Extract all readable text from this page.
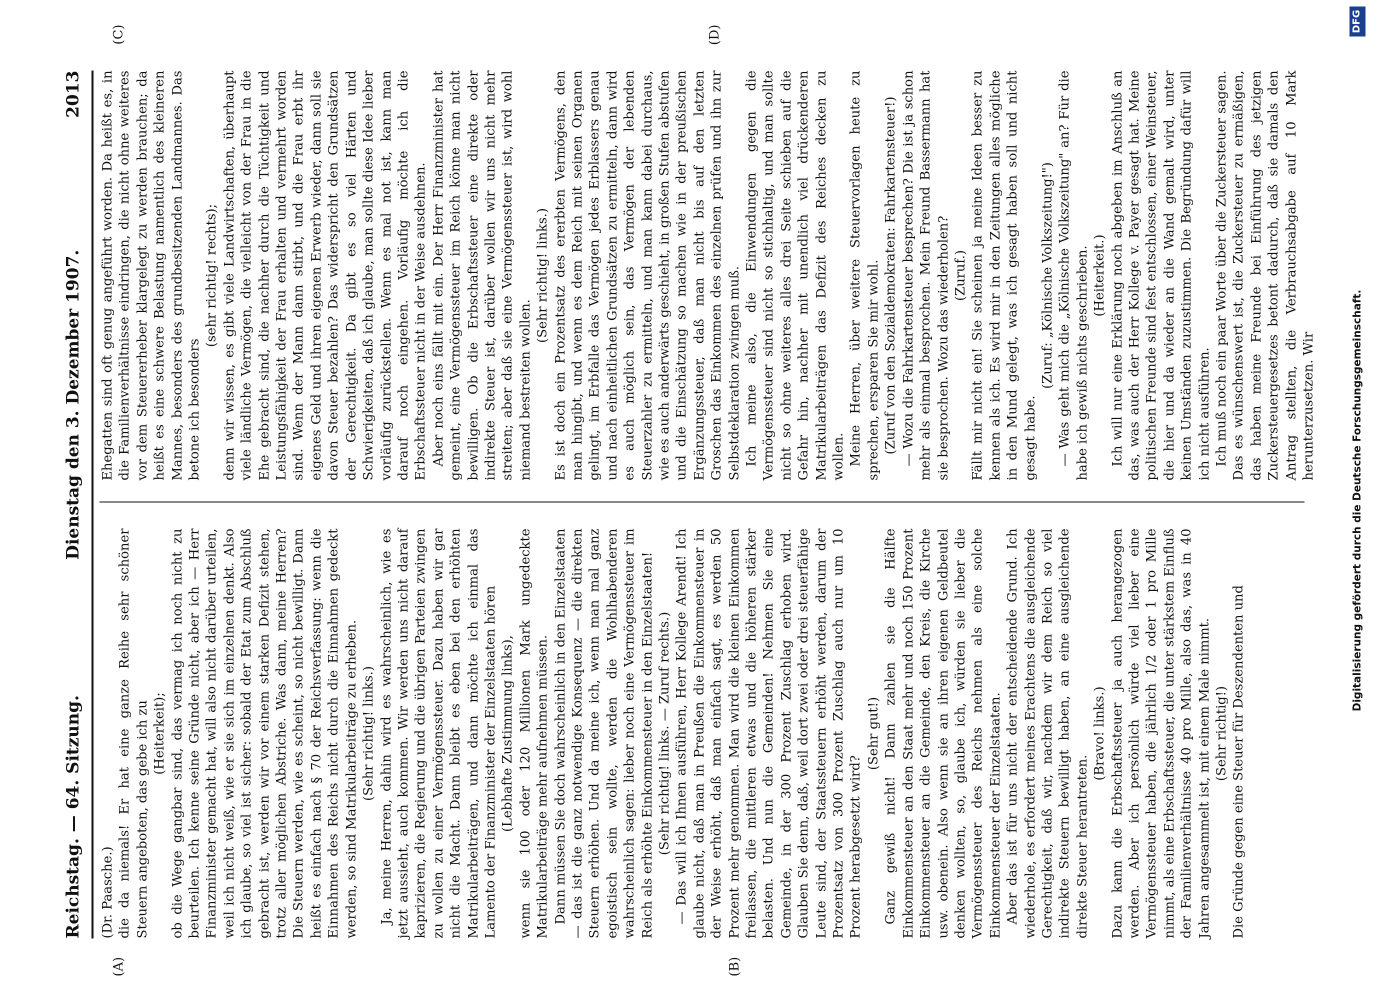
Reichstag. — 64. Sitzung.
Dienstag den 3. Dezember 1907.  2013
(A)	(B)
(C)	(D)

(Dr. Paasche.) die da niemals! Er hat eine ganze Reihe sehr schöner Steuern angeboten, das gebe ich zu (Heiterkeit); ob die Wege gangbar sind, das vermag ich noch nicht zu beurteilen. Ich kenne seine Gründe nicht, aber ich — Herr Finanzminister gemacht hat, will also nicht darüber urteilen, weil ich nicht weiß, wie er sie sich im einzelnen denkt. Also ich glaube, so viel ist sicher: sobald der Etat zum Abschluß gebracht ist, werden wir vor einem starken Defizit stehen, trotz aller möglichen Abstriche. Was dann, meine Herren? Die Steuern werden, wie es scheint, so nicht bewilligt. Dann heißt es einfach nach § 70 der Reichsverfassung: wenn die Einnahmen des Reichs nicht durch die Einnahmen gedeckt werden, so sind Matrikularbeiträge zu erheben. (Sehr richtig! links.) Ja, meine Herren, dahin wird es wahrscheinlich, wie es jetzt aussieht, auch kommen. Wir werden uns nicht darauf kaprizieren, die Regierung und die übrigen Parteien zwingen zu wollen zu einer Vermögenssteuer. Dazu haben wir gar nicht die Macht. Dann bleibt es eben bei den erhöhten Matrikularbeiträgen, und dann möchte ich einmal das Lamento der Finanzminister der Einzelstaaten hören (Lebhafte Zustimmung links), wenn sie 100 oder 120 Millionen Mark ungedeckte Matrikularbeiträge mehr aufnehmen müssen. Dann müssen Sie doch wahrscheinlich in den Einzelstaaten — das ist die ganz notwendige Konsequenz — die direkten Steuern erhöhen. Und da meine ich, wenn man mal ganz egoistisch sein wollte, werden die Wohlhabenderen wahrscheinlich sagen: lieber noch eine Vermögenssteuer im Reich als erhöhte Einkommensteuer in den Einzelstaaten! (Sehr richtig! links. — Zuruf rechts.) — Das will ich Ihnen ausführen, Herr Kollege Arendt! Ich glaube nicht, daß man in Preußen die Einkommensteuer in der Weise erhöht, daß man einfach sagt, es werden 50 Prozent mehr genommen. Man wird die kleinen Einkommen freilassen, die mittleren etwas und die höheren stärker belasten. Und nun die Gemeinden! Nehmen Sie eine Gemeinde, in der 300 Prozent Zuschlag erhoben wird. Glauben Sie denn, daß, weil dort zwei oder drei steuerfähige Leute sind, der Staatssteuern erhöht werden, darum der Prozentsatz von 300 Prozent Zuschlag auch nur um 10 Prozent herabgesetzt wird?

(Sehr gut!) Ganz gewiß nicht! Dann zahlen sie die Hälfte Einkommensteuer an den Staat mehr und noch 150 Prozent Einkommensteuer an die Gemeinde, den Kreis, die Kirche usw. obenein. Also wenn sie an ihren eigenen Geldbeutel denken wollten, so, glaube ich, würden sie lieber die Vermögenssteuer des Reichs nehmen als eine solche Einkommensteuer der Einzelstaaten. Aber das ist für uns nicht der entscheidende Grund. Ich wiederhole, es erfordert meines Erachtens die ausgleichende Gerechtigkeit, daß wir, nachdem wir dem Reich so viel indirekte Steuern bewilligt haben, an eine ausgleichende direkte Steuer herantreten.

(Bravo! links.) Dazu kann die Erbschaftssteuer ja auch herangezogen werden. Aber ich persönlich würde viel lieber eine Vermögenssteuer haben, die jährlich 1/2 oder 1 pro Mille nimmt, als eine Erbschaftssteuer, die unter stärkstem Einfluß der Familienverhältnisse 40 pro Mille, also das, was in 40 Jahren angesammelt ist, mit einem Male nimmt. (Sehr richtig!) Die Gründe gegen eine Steuer für Deszendenten und

Ehegatten sind oft genug angeführt worden. Da heißt es, in die Familienverhältnisse eindringen, die nicht ohne weiteres vor dem Steuererheber klargelegt zu werden brauchen; da heißt es eine schwere Belastung namentlich des kleineren Mannes, besonders des grundbesitzenden Landmannes. Das betone ich besonders

(sehr richtig! rechts); denn wir wissen, es gibt viele Landwirtschaften, überhaupt viele ländliche Vermögen, die vielleicht von der Frau in die Ehe gebracht sind, die nachher durch die Tüchtigkeit und Leistungsfähigkeit der Frau erhalten und vermehrt worden sind. Wenn der Mann dann stirbt, und die Frau erbt ihr eigenes Geld und ihren eigenen Erwerb wieder, dann soll sie davon Steuer bezahlen? Das widerspricht den Grundsätzen der Gerechtigkeit. Da gibt es so viel Härten und Schwierigkeiten, daß ich glaube, man sollte diese Idee lieber vorläufig zurückstellen. Wenn es mal not ist, kann man darauf noch eingehen. Vorläufig möchte ich die Erbschaftssteuer nicht in der Weise ausdehnen. Aber noch eins fällt mit ein. Der Herr Finanzminister hat gemeint, eine Vermögenssteuer im Reich könne man nicht bewilligen. Ob die Erbschaftssteuer eine direkte oder indirekte Steuer ist, darüber wollen wir uns nicht mehr streiten; aber daß sie eine Vermögenssteuer ist, wird wohl niemand bestreiten wollen.

(Sehr richtig! links.) Es ist doch ein Prozentsatz des ererbten Vermögens, den man hingibt, und wenn es dem Reich mit seinen Organen gelingt, im Erbfalle das Vermögen jedes Erblassers genau und nach einheitlichen Grundsätzen zu ermitteln, dann wird es auch möglich sein, das Vermögen der lebenden Steuerzahler zu ermitteln, und man kann dabei durchaus, wie es auch anderwärts geschieht, in großen Stufen abstufen und die Einschätzung so machen wie in der preußischen Ergänzungssteuer, daß man nicht bis auf den letzten Groschen das Einkommen des einzelnen prüfen und ihn zur Selbstdeklaration zwingen muß. Ich meine also, die Einwendungen gegen die Vermögenssteuer sind nicht so stichhaltig, und man sollte nicht so ohne weiteres alles drei Seite schieben auf die Gefahr hin, nachher mit unendlich viel drückenderen Matrikularbeiträgen das Defizit des Reiches decken zu wollen. Meine Herren, über weitere Steuervorlagen heute zu sprechen, ersparen Sie mir wohl. (Zuruf von den Sozialdemokraten: Fahrkartensteuer!) — Wozu die Fahrkartensteuer besprechen? Die ist ja schon mehr als einmal besprochen. Mein Freund Bassermann hat sie besprochen. Wozu das wiederholen? (Zuruf.) Fällt mir nicht ein! Sie scheinen ja meine Ideen besser zu kennen als ich. Es wird mir in den Zeitungen alles mögliche in den Mund gelegt, was ich gesagt haben soll und nicht gesagt habe.

(Zuruf: „Kölnische Volkszeitung!") — Was geht mich die „Kölnische Volkszeitung" an? Für die habe ich gewiß nichts geschrieben. (Heiterkeit.) Ich will nur eine Erklärung noch abgeben im Anschluß an das, was auch der Herr Kollege v. Payer gesagt hat. Meine politischen Freunde sind fest entschlossen, einer Weinsteuer, die hier und da wieder an die Wand gemalt wird, unter keinen Umständen zuzustimmen. Die Begründung dafür will ich nicht ausführen. Ich muß noch ein paar Worte über die Zuckersteuer sagen. Das es wünschenswert ist, die Zuckersteuer zu ermäßigen, das haben meine Freunde bei Einführung des jetzigen Zuckersteuergesetzes betont dadurch, daß sie damals den Antrag stellten, die Verbrauchsabgabe auf 10 Mark herunterzusetzen. Wir	Digitalisierung gefördert durch die Deutsche Forschungsgemeinschaft.
DFG
